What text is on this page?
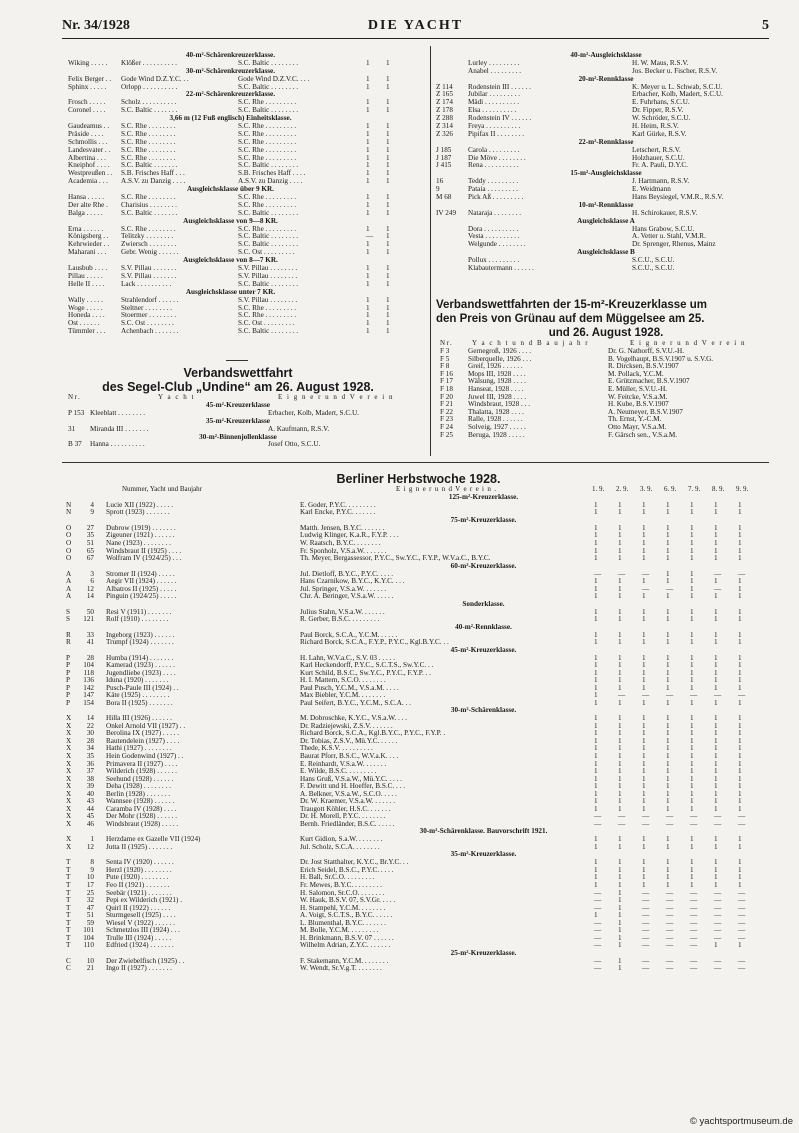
Nr. 34/1928	DIE YACHT	5
40-m²-Schärenkreuzerklasse.
Wiking . . . . . Klößer . . . . . . . . . .	S.C. Baltic . . . . . . . .	1 1
30-m²-Schärenkreuzerklasse.
Felix Berger . . Gode Wind D.Z.Y.C. . .	Gode Wind D.Z.V.C. . . .	1 1
Sphinx . . . . . Orlopp . . . . . . . . . .	S.C. Baltic . . . . . . . .	1 1
22-m²-Schärenkreuzerklasse.
Frosch . . . . . Scholz . . . . . . . . . .	S.C. Rhe . . . . . . . . .	1 1
Coronel . . . . S.C. Baltic . . . . . . .	S.C. Baltic . . . . . . . .	1 1
3,66 m (12 Fuß englisch) Einheitsklasse.
Gaudeamus . . S.C. Rhe . . . . . . . .	S.C. Rhe . . . . . . . . .	1 1
Präside . . . . S.C. Rhe . . . . . . . .	S.C. Rhe . . . . . . . . .	1 1
Schmollis . . . S.C. Rhe . . . . . . . .	S.C. Rhe . . . . . . . . .	1 1
Landesvater . . S.C. Rhe . . . . . . . .	S.C. Rhe . . . . . . . . .	1 1
Albertina . . . S.C. Rhe . . . . . . . .	S.C. Rhe . . . . . . . . .	1 1
Kneiphof . . . . S.C. Baltic . . . . . . .	S.C. Baltic . . . . . . . .	1 1
Westpreußen . . S.B. Frisches Haff . . .	S.B. Frisches Haff . . . .	1 1
Academia . . . A.S.V. zu Danzig . . . .	A.S.V. zu Danzig . . . .	1 1
Ausgleichsklasse über 9 KR.
Hansa . . . . . S.C. Rhe . . . . . . . .	S.C. Rhe . . . . . . . . .	1 1
Der alte Rhe . Charisius . . . . . . . .	S.C. Rhe . . . . . . . . .	1 1
Balga . . . . .	S.C. Baltic . . . . . . .	S.C. Baltic . . . . . . . .	1 1
Ausgleichsklasse von 9—8 KR.
Erna . . . . . . S.C. Rhe . . . . . . . .	S.C. Rhe . . . . . . . . .	1 1
Königsberg . . Telitzky . . . . . . . .	S.C. Baltic . . . . . . . .	— 1
Kehrwieder . . Zwiersch . . . . . . . .	S.C. Baltic . . . . . . . .	1 1
Maharani . . . Gebr. Wenig . . . . . .	S.C. Ost . . . . . . . . .	1 1
Ausgleichsklasse von 8—7 KR.
Lausbub . . . . S.V. Pillau . . . . . . .	S.V. Pillau . . . . . . . .	1 1
Pillau . . . . .	S.V. Pillau . . . . . . .	S.V. Pillau . . . . . . . .	1 1
Helle II . . . . Lack . . . . . . . . . .	S.C. Baltic . . . . . . . .	1 1
Ausgleichsklasse unter 7 KR.
Wally . . . . .	Strahlendorf . . . . . .	S.V. Pillau . . . . . . . .	1 1
Woge . . . . .	Steltner . . . . . . . .	S.C. Rhe . . . . . . . . .	1 1
Honeda . . . . Stoermer . . . . . . . .	S.C. Rhe . . . . . . . . .	1 1
Ost . . . . . .	S.C. Ost . . . . . . . .	S.C. Ost . . . . . . . . .	1 1
Tümmler . . . Achenbach . . . . . . .	S.C. Baltic . . . . . . . .	1 1
Verbandswettfahrt
des Segel-Club „Undine“ am 26. August 1928.
Nr.	Y a c h t	E i g n e r u n d V e r e i n
45-m²-Kreuzerklasse
P 153 Kleeblatt . . . . . . . .	Erbacher, Kolb, Madert, S.C.U.
35-m²-Kreuzerklasse
31 Miranda III . . . . . . .	A. Kaufmann, R.S.V.
30-m²-Binnenjollenklasse
B 37 Hanna . . . . . . . . . .	Josef Otto, S.C.U.
40-m²-Ausgleichsklasse
Lurley . . . . . . . . .	H. W. Maus, R.S.V.
Anabel . . . . . . . . .	Jos. Becker u. Fischer, R.S.V.
20-m²-Rennklasse
Z 114 Rodenstein III . . . . . .	K. Meyer u. L. Schwab, S.C.U.
Z 165 Jubilar . . . . . . . . .	Erbacher, Kolb, Madert, S.C.U.
Z 174 Mädi . . . . . . . . . .	E. Fuhrhans, S.C.U.
Z 178 Elsa . . . . . . . . . .	Dr. Fipper, R.S.V.
Z 288 Rodenstein IV . . . . . .	W. Schröder, S.C.U.
Z 314 Freya . . . . . . . . . .	H. Heim, R.S.V.
Z 326 Pipifax II . . . . . . . .	Karl Gürke, R.S.V.
22-m²-Rennklasse
J 185 Carola . . . . . . . . .	Letschert, R.S.V.
J 187 Die Möve . . . . . . . .	Holzhauer, S.C.U.
J 415 Rena . . . . . . . . . .	Fr. A. Pauli, D.Y.C.
15-m²-Ausgleichsklasse
16	Teddy . . . . . . . . .	J. Hartmann, R.S.V.
9	Pataia . . . . . . . . .	E. Weidmann
M 68 Pick Aß . . . . . . . . .	Hans Beysiegel, V.M.R., R.S.V.
10-m²-Rennklasse
IV 249 Nataraja . . . . . . . .	H. Schirokauer, R.S.V.
Ausgleichsklasse A
Dora . . . . . . . . . .	Hans Grabow, S.C.U.
Vesta . . . . . . . . . .	A. Vetter u. Stahl, V.M.R.
Welgunde . . . . . . . .	Dr. Sprenger, Rhenus, Mainz
Ausgleichsklasse B
Pollux . . . . . . . . .	S.C.U., S.C.U.
Klabautermann . . . . . .	S.C.U., S.C.U.
Verbandswettfahrten der 15-m²-Kreuzerklasse um
den Preis von Grünau auf dem Müggelsee am 25.
und 26. August 1928.
Nr.	Y a c h t u n d B a u j a h r	E i g n e r u n d V e r e i n
F 3	Gernegroß, 1926 . . . .	Dr. G. Nathorff, S.V.U.-H.
F 5	Silberquelle, 1926 . . .	B. Vogelhaupt, B.S.V.1907 u. S.V.G.
F 8	Greif, 1926 . . . . . .	R. Dircksen, B.S.V.1907
F 16 Mops III, 1928 . . . .	M. Pollack, Y.C.M.
F 17 Wälsung, 1928 . . . .	E. Grützmacher, B.S.V.1907
F 18 Hanseat, 1928 . . . .	E. Müller, S.V.U.-H.
F 20 Juwel III, 1928 . . . .	W. Feitcke, V.S.a.M.
F 21 Windsbraut, 1928 . . .	H. Kube, B.S.V.1907
F 22 Thalatta, 1928 . . . .	A. Neumeyer, B.S.V.1907
F 23 Ralle, 1928 . . . . . .	Th. Ernst, Y.-C.M.
F 24 Solveig, 1927 . . . . .	Otto Mayr, V.S.a.M.
F 25 Beruga, 1928 . . . . .	F. Gärsch sen., V.S.a.M.
Berliner Herbstwoche 1928.
Nummer, Yacht und Baujahr	E i g n e r u n d V e r e i n .	1. 9. 2. 9. 3. 9. 6. 9. 7. 9. 8. 9. 9. 9.
125-m²-Kreuzerklasse.
N	4 Lucie XII (1922) . . . . .	E. Goder, P.Y.C. . . . . . . . .	1	1	1	1	1	1	1
N	9 Sprott (1923) . . . . . . .	Karl Encke, P.Y.C. . . . . . .	1	1	1	1	1	1	1
75-m²-Kreuzerklasse.
O	27 Dubrow (1919) . . . . . . .	Matth. Jensen, B.Y.C. . . . . . .	1	1	1	1	1	1	1
O	35 Zigeuner (1921) . . . . . .	Ludwig Klinger, K.a.R., F.Y.P. . . .	1	1	1	1	1	1	1
O	51 Nane (1923) . . . . . . . .	W. Raatsch, B.Y.C. . . . . . . .	1	1	1	1	1	1	1
O	65 Windsbraut II (1925) . . . .	Fr. Sponholz, V.S.a.W. . . . . . .	1	1	1	1	1	1	1
O	67 Wolfram IV (1924/25) . . .	Th. Meyer, Bergassessor, P.Y.C., Sw.Y.C., F.Y.P., W.V.a.C., B.Y.C.	1	1	1	1	1	1	1
60-m²-Kreuzerklasse.
A	3 Stromer II (1924) . . . . .	Jul. Dietloff, B.Y.C., P.Y.C. . . . .	— — — 1	1	— —
A	6 Aegir VII (1924) . . . . . .	Hans Czarnikow, B.Y.C., K.Y.C. . . .	1	1	1	1	1	1	1
A	12 Albatros II (1925) . . . . .	Jul. Springer, V.S.a.W. . . . . . .	1	1	— — 1	— 1
A	14 Pinguin (1924/25) . . . . .	Chr. A. Beringer, V.S.a.W. . . . . .	1	1	1	1	1	1	1
Sonderklasse.
S	50 Resi V (1911) . . . . . . .	Julius Stahn, V.S.a.W. . . . . . .	1	1	1	1	1	1	1
S	121 Rolf (1910) . . . . . . . .	R. Gerber, B.S.C. . . . . . . . .	1	1	1	1	1	1	1
40-m²-Rennklasse.
R	33 Ingeborg (1923) . . . . . .	Paul Borck, S.C.A., Y.C.M. . . . . .	1	1	1	1	1	1	1
R	41 Trumpf (1924) . . . . . . .	Richard Borck, S.C.A., F.Y.P., P.Y.C., Kgl.B.Y.C. . .	1	1	1	1	1	1	1
45-m²-Kreuzerklasse.
P	28 Humba (1914) . . . . . . .	H. Lahn, W.V.a.C., S.V. 03 . . . . .	1	1	1	1	1	1	1
P	104 Kamerad (1923) . . . . . .	Karl Heckendorff, P.Y.C., S.C.T.S., Sw.Y.C. . .	1	1	1	1	1	1	1
P	118 Jugendliebe (1923) . . . .	Kurt Schild, B.S.C., Sw.Y.C., P.Y.C., F.Y.P. . .	1	1	1	1	1	1	1
P	136 Iduna (1920) . . . . . . .	H. I. Mattern, S.C.O. . . . . . . .	1	1	1	1	1	1	1
P	142 Pusch-Paule III (1924) . .	Paul Pusch, Y.C.M., V.S.a.M. . . . .	1	1	1	1	1	1	1
P	147 Käte (1925) . . . . . . . .	Max Biebler, Y.C.M. . . . . . . .	1	— — — — — —
P	154 Bora II (1925) . . . . . . .	Paul Seifert, B.Y.C., Y.C.M., S.C.A. . .	1	1	1	1	1	1	1
30-m²-Schärenklasse.
X	14 Hilla III (1926) . . . . . .	M. Dobroschke, K.Y.C., V.S.a.W. . . .	1	1	1	1	1	1	1
X	22 Onkel Arnold VII (1927) . .	Dr. Radziejewski, Z.S.V. . . . . . .	1	1	1	1	1	1	1
X	30 Berolina IX (1927) . . . . .	Richard Borck, S.C.A., Kgl.B.Y.C., P.Y.C., F.Y.P. .	1	1	1	1	1	1	1
X	28 Rautendelein (1927) . . . .	Dr. Tobias, Z.S.V., Mü.Y.C. . . . . .	1	1	1	1	1	1	1
X	34 Hathi (1927) . . . . . . . .	Thede, K.S.V. . . . . . . . . .	1	1	1	1	1	1	1
X	35 Hein Godenwind (1927) . .	Baurat Pforr, B.S.C., W.V.a.K. . . .	1	1	1	1	1	1	1
X	36 Primavera II (1927) . . . .	E. Reinhardt, V.S.a.W. . . . . . .	1	1	1	1	1	1	1
X	37 Wilderich (1928) . . . . . .	E. Wilde, B.S.C. . . . . . . . .	1	1	1	1	1	1	1
X	38 Seehund (1928) . . . . . .	Hans Gruß, V.S.a.W., Mü.Y.C. . . . .	1	1	1	1	1	1	1
X	39 Deha (1928) . . . . . . . .	F. Dewitt und H. Hoeffer, B.S.C. . . .	1	1	1	1	1	1	1
X	40 Berlin (1928) . . . . . . .	A. Belkner, V.S.a.W., S.C.O. . . . .	1	1	1	1	1	1	1
X	43 Wannsee (1928) . . . . . .	Dr. W. Kraemer, V.S.a.W. . . . . . .	1	1	1	1	1	1	1
X	44 Caramba IV (1928) . . . .	Traugott Köhler, H.S.C. . . . . . .	1	1	1	1	1	1	1
X	45 Der Mohr (1928) . . . . . .	Dr. H. Morell, P.Y.C. . . . . . . .	— — — — — — —
X	46 Windsbraut (1928) . . . . .	Bernh. Friedländer, B.S.C. . . . . .	— — — — — — —
30-m²-Schärenklasse. Bauvorschrift 1921.
X	1 Herzdame ex Gazelle VII (1924)	Kurt Gidion, S.a.W. . . . . . . .	1	1	1	1	1	1	1
X	12 Jutta II (1925) . . . . . . .	Jul. Scholz, S.C.A. . . . . . . .	1	1	1	1	1	1	1
35-m²-Kreuzerklasse.
T	8 Senta IV (1920) . . . . . .	Dr. Jost Statthalter, K.Y.C., Br.Y.C. . .	1	1	1	1	1	1	1
T	9 Herzl (1920) . . . . . . . .	Erich Seidel, B.S.C., P.Y.C. . . . .	1	1	1	1	1	1	1
T	10 Pute (1920) . . . . . . . .	H. Ball, Sr.C.O. . . . . . . . .	1	1	1	1	1	1	1
T	17 Feo II (1921) . . . . . . .	Fr. Mewes, B.Y.C. . . . . . . . .	1	1	1	1	1	1	1
T	25 Seebär (1921) . . . . . . .	H. Salomon, Sr.C.O. . . . . . . .	— 1	— — — — —
T	32 Pepi ex Wilderich (1921) .	W. Hauk, B.S.V. 07, S.V.Gr. . . . .	— 1	— — — — —
T	47 Quirl II (1922) . . . . . .	H. Stampehl, Y.C.M. . . . . . . .	— 1	— — — — —
T	51 Sturmgesell (1925) . . . .	A. Voigt, S.C.T.S., B.Y.C. . . . . .	1	1	— — — — —
T	59 Wiesel V (1922) . . . . . .	L. Blumenthal, B.Y.C. . . . . . .	— 1	— — — — —
T	101 Schmetzlos III (1924) . . .	M. Bolle, Y.C.M. . . . . . . . .	— 1	— — — — —
T	104 Trulle III (1924) . . . . .	H. Brinkmann, B.S.V. 07 . . . . . .	— 1	— — — — —
T	110 Edfried (1924) . . . . . . .	Wilhelm Adrian, Z.Y.C. . . . . . .	— 1	— — — 1	1
25-m²-Kreuzerklasse.
C	10 Der Zwiebelfisch (1925) . .	F. Stakemann, Y.C.M. . . . . . . .	— 1	— — — — —
C	21 Ingo II (1927) . . . . . . .	W. Wendt, Sr.V.g.T. . . . . . . .	— 1	— — — — —
© yachtsportmuseum.de
